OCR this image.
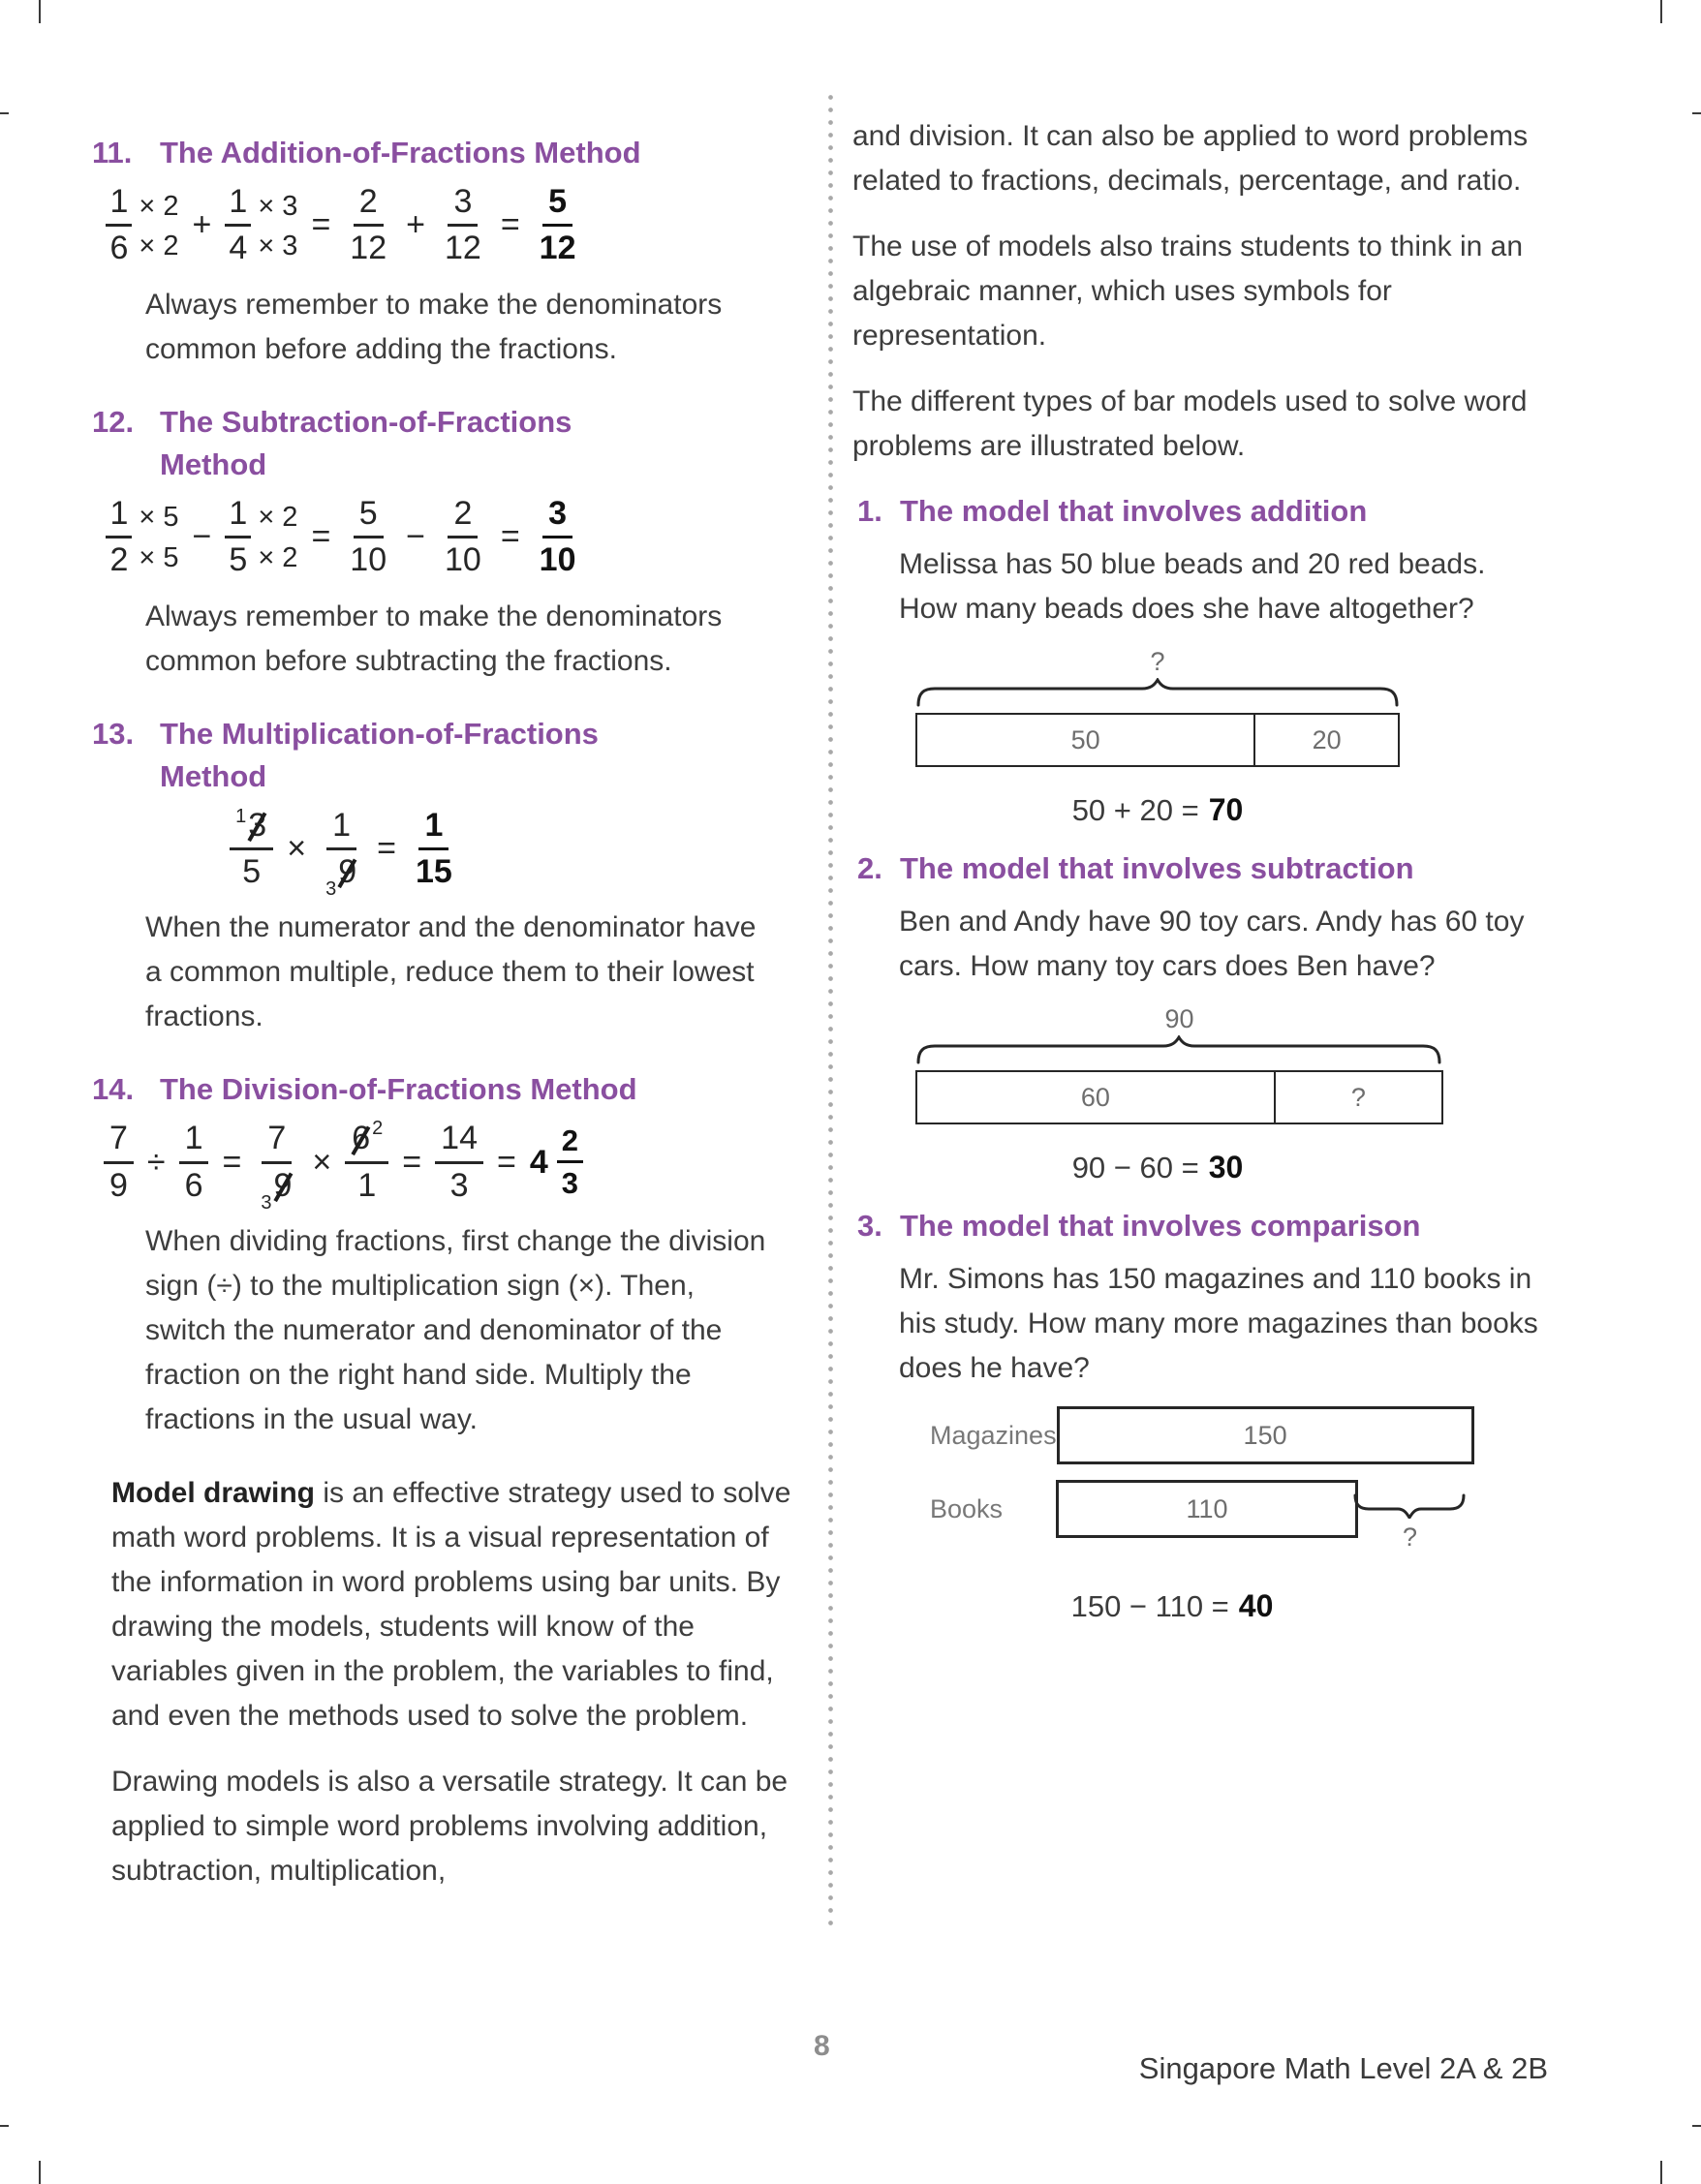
11. The Addition-of-Fractions Method
1 × 2
6 × 2
+
1 × 3
4 × 3
= $\frac{2}{12} + \frac{3}{12} = \frac{5}{12}$

Always remember to make the denominators common before adding the fractions.

12. The Subtraction-of-Fractions
Method
1 × 5
2 × 5
−
1 × 2
5 × 2
= $\frac{5}{10} - \frac{2}{10} = \frac{3}{10}$

Always remember to make the denominators common before subtracting the fractions.

13. The Multiplication-of-Fractions
Method
$\frac{^13}{5} \times \frac{1}{_39} = \frac{1}{15}$

When the numerator and the denominator have a common multiple, reduce them to their lowest fractions.

14. The Division-of-Fractions Method
$\frac{7}{9} \div \frac{1}{6} = \frac{7}{_39} \times \frac{6 ^2}{1} = \frac{14}{3} = 4 \frac{2}{3}$

When dividing fractions, first change the division sign (÷) to the multiplication sign (×). Then, switch the numerator and denominator of the fraction on the right hand side. Multiply the fractions in the usual way.

Model drawing is an effective strategy used to solve math word problems. It is a visual representation of the information in word problems using bar units. By drawing the models, students will know of the variables given in the problem, the variables to find, and even the methods used to solve the problem.

Drawing models is also a versatile strategy. It can be applied to simple word problems involving addition, subtraction, multiplication,

and division. It can also be applied to word problems related to fractions, decimals, percentage, and ratio.

The use of models also trains students to think in an algebraic manner, which uses symbols for representation.

The different types of bar models used to solve word problems are illustrated below.

1. The model that involves addition

Melissa has 50 blue beads and 20 red beads. How many beads does she have altogether?

?
50	20

50 + 20 = 70

2. The model that involves subtraction

Ben and Andy have 90 toy cars. Andy has 60 toy cars. How many toy cars does Ben have?

90
60	?

90 − 60 = 30

3. The model that involves comparison

Mr. Simons has 150 magazines and 110 books in his study. How many more magazines than books does he have?

Magazines	150
Books	110
?

150 − 110 = 40

8
Singapore Math Level 2A & 2B
